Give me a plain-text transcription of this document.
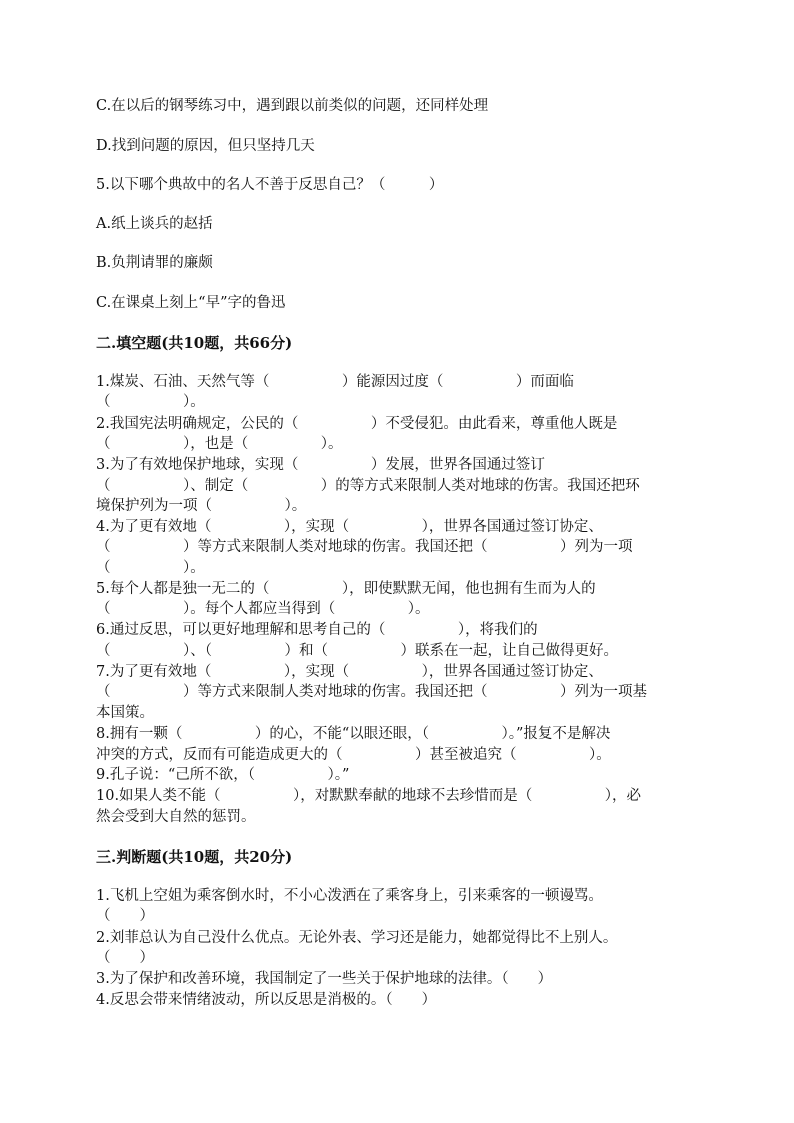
C.在以后的钢琴练习中，遇到跟以前类似的问题，还同样处理
D.找到问题的原因，但只坚持几天
5.以下哪个典故中的名人不善于反思自己？（　　　）
A.纸上谈兵的赵括
B.负荆请罪的廉颇
C.在课桌上刻上“早”字的鲁迅
二.填空题(共10题，共66分)
1.煤炭、石油、天然气等（　　　　　）能源因过度（　　　　　）而面临
（　　　　　）。
2.我国宪法明确规定，公民的（　　　　　）不受侵犯。由此看来，尊重他人既是
（　　　　　），也是（　　　　　）。
3.为了有效地保护地球，实现（　　　　　）发展，世界各国通过签订
（　　　　　）、制定（　　　　　）的等方式来限制人类对地球的伤害。我国还把环
境保护列为一项（　　　　　）。
4.为了更有效地（　　　　　），实现（　　　　　），世界各国通过签订协定、
（　　　　　）等方式来限制人类对地球的伤害。我国还把（　　　　　）列为一项
（　　　　　）。
5.每个人都是独一无二的（　　　　　），即使默默无闻，他也拥有生而为人的
（　　　　　）。每个人都应当得到（　　　　　）。
6.通过反思，可以更好地理解和思考自己的（　　　　　），将我们的
（　　　　　）、（　　　　　）和（　　　　　）联系在一起，让自己做得更好。
7.为了更有效地（　　　　　），实现（　　　　　），世界各国通过签订协定、
（　　　　　）等方式来限制人类对地球的伤害。我国还把（　　　　　）列为一项基
本国策。
8.拥有一颗（　　　　　）的心，不能“以眼还眼，（　　　　　）。”报复不是解决
冲突的方式，反而有可能造成更大的（　　　　　）甚至被追究（　　　　　）。
9.孔子说：“己所不欲，（　　　　　）。”
10.如果人类不能（　　　　　），对默默奉献的地球不去珍惜而是（　　　　　），必
然会受到大自然的惩罚。
三.判断题(共10题，共20分)
1.飞机上空姐为乘客倒水时，不小心泼洒在了乘客身上，引来乘客的一顿谩骂。
（　　）
2.刘菲总认为自己没什么优点。无论外表、学习还是能力，她都觉得比不上别人。
（　　）
3.为了保护和改善环境，我国制定了一些关于保护地球的法律。（　　）
4.反思会带来情绪波动，所以反思是消极的。（　　）
